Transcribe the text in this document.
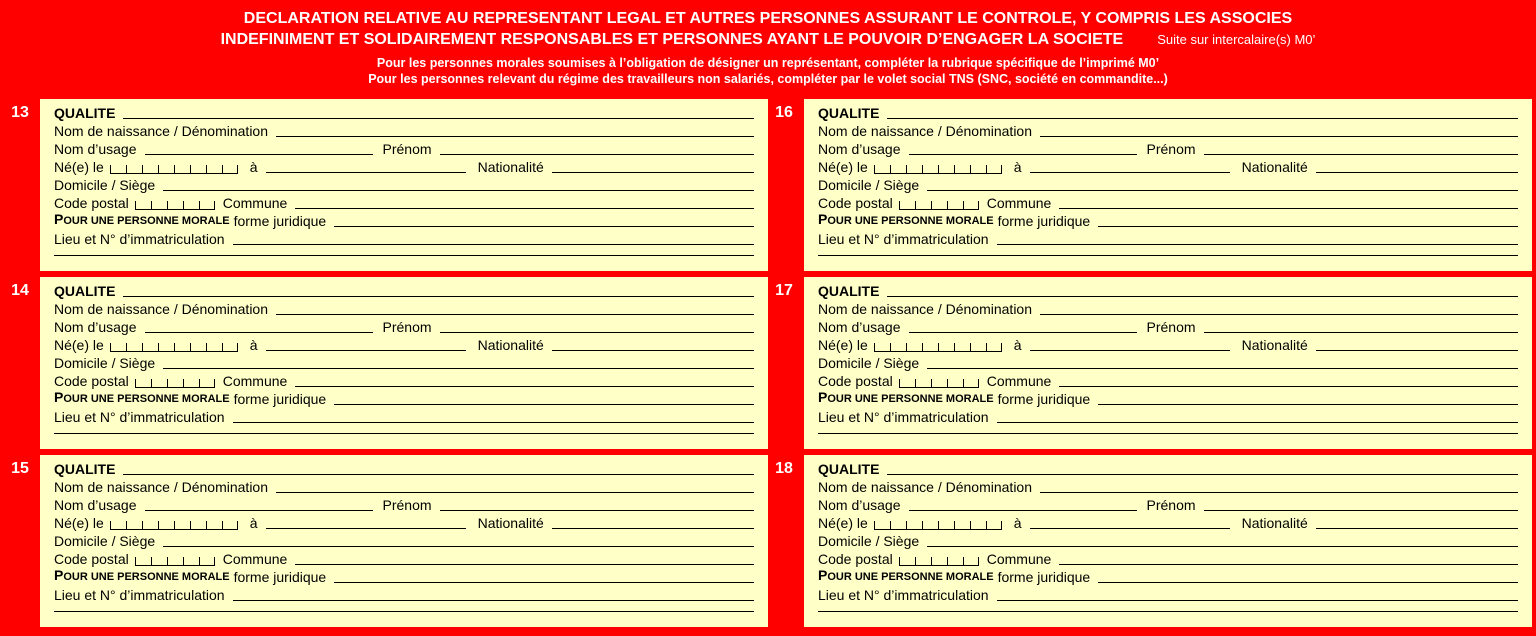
DECLARATION RELATIVE AU REPRESENTANT LEGAL ET AUTRES PERSONNES ASSURANT LE CONTROLE, Y COMPRIS LES ASSOCIES
INDEFINIMENT ET SOLIDAIREMENT RESPONSABLES ET PERSONNES AYANT LE POUVOIR D’ENGAGER LA SOCIETE	Suite sur intercalaire(s) M0’
Pour les personnes morales soumises à l’obligation de désigner un représentant, compléter la rubrique spécifique de l’imprimé M0’
Pour les personnes relevant du régime des travailleurs non salariés, compléter par le volet social TNS (SNC, société en commandite...)
QUALITE
Nom de naissance / Dénomination
Nom d’usage	Prénom
Né(e) le	à	Nationalité
Domicile / Siège
Code postal	Commune
POUR UNE PERSONNE MORALE forme juridique
Lieu et N° d’immatriculation
13
QUALITE
Nom de naissance / Dénomination
Nom d’usage	Prénom
Né(e) le	à	Nationalité
Domicile / Siège
Code postal	Commune
POUR UNE PERSONNE MORALE forme juridique
Lieu et N° d’immatriculation
14
QUALITE
Nom de naissance / Dénomination
Nom d’usage	Prénom
Né(e) le	à	Nationalité
Domicile / Siège
Code postal	Commune
POUR UNE PERSONNE MORALE forme juridique
Lieu et N° d’immatriculation
15
QUALITE
Nom de naissance / Dénomination
Nom d’usage	Prénom
Né(e) le	à	Nationalité
Domicile / Siège
Code postal	Commune
POUR UNE PERSONNE MORALE forme juridique
Lieu et N° d’immatriculation
16
QUALITE
Nom de naissance / Dénomination
Nom d’usage	Prénom
Né(e) le	à	Nationalité
Domicile / Siège
Code postal	Commune
POUR UNE PERSONNE MORALE forme juridique
Lieu et N° d’immatriculation
17
QUALITE
Nom de naissance / Dénomination
Nom d’usage	Prénom
Né(e) le	à	Nationalité
Domicile / Siège
Code postal	Commune
POUR UNE PERSONNE MORALE forme juridique
Lieu et N° d’immatriculation
18
